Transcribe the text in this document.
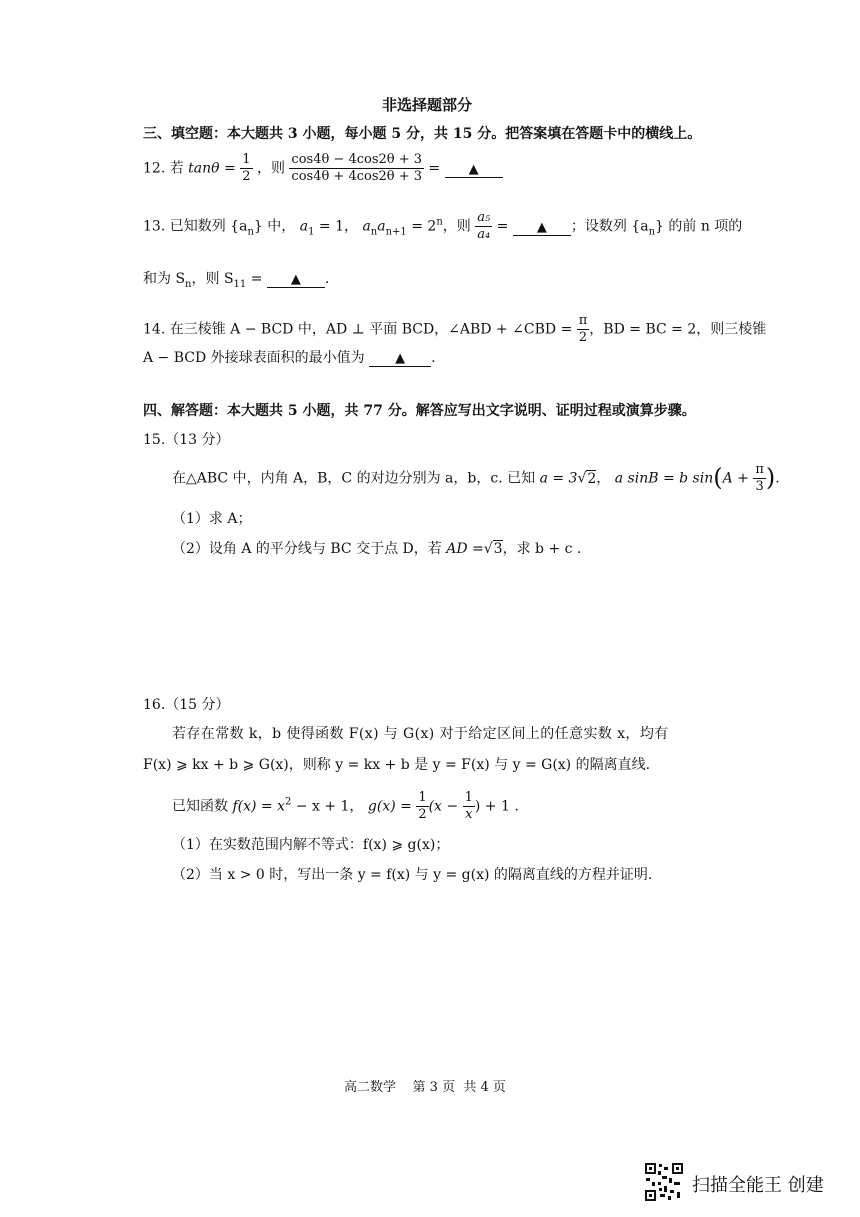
非选择题部分
三、填空题：本大题共 3 小题，每小题 5 分，共 15 分。把答案填在答题卡中的横线上。
12. 若 $\tan\theta = \frac{1}{2}$ ，则 $\frac{\cos 4\theta - 4\cos 2\theta + 3}{\cos 4\theta + 4\cos 2\theta + 3}$ = ▲
13. 已知数列 $\{a_n\}$ 中， $a_1 = 1$， $a_na_{n+1} = 2^n$，则 $\frac{\text{a₅}}{\text{a₄}}$ = ▲ ；设数列 $\{a_n\}$ 的前 n 项的
和为 $S_n$，则 $S_{11}$ = ▲ .
14. 在三棱锥 A − BCD 中，AD ⊥ 平面 BCD，∠ABD + ∠CBD = $\frac{\pi}{2}$ ，BD = BC = 2，则三棱锥
A − BCD 外接球表面积的最小值为 ▲ .
四、解答题：本大题共 5 小题，共 77 分。解答应写出文字说明、证明过程或演算步骤。
15.（13 分）
在△ABC 中，内角 A，B，C 的对边分别为 a，b，c. 已知 a = 3√2， a sinB = b $\sin(A + \frac{\pi}{3}$ ).
（1）求 A；
（2）设角 A 的平分线与 BC 交于点 D，若 AD =√3，求 b + c .
16.（15 分）
若存在常数 k，b 使得函数 F(x) 与 G(x) 对于给定区间上的任意实数 x，均有
F(x) ⩾ kx + b ⩾ G(x)，则称 y = kx + b 是 y = F(x) 与 y = G(x) 的隔离直线.
已知函数 $f(x) = x^2 - x + 1$， $g(x) = \frac{1}{2} (x - \frac{1}{x}$ ) + 1 .
（1）在实数范围内解不等式：f(x) ⩾ g(x)；
（2）当 x > 0 时，写出一条 y = f(x) 与 y = g(x) 的隔离直线的方程并证明.
高二数学    第 3 页  共 4 页
扫描全能王 创建
